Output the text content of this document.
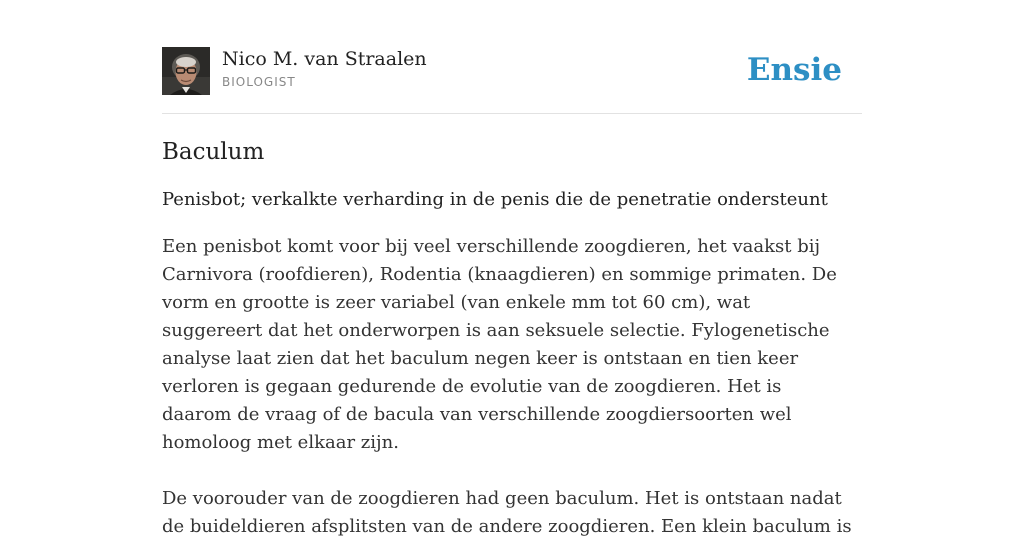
Nico M. van Straalen
BIOLOGIST	Ensie
Baculum

Penisbot; verkalkte verharding in de penis die de penetratie ondersteunt

Een penisbot komt voor bij veel verschillende zoogdieren, het vaakst bij Carnivora (roofdieren), Rodentia (knaagdieren) en sommige primaten. De vorm en grootte is zeer variabel (van enkele mm tot 60 cm), wat suggereert dat het onderworpen is aan seksuele selectie. Fylogenetische analyse laat zien dat het baculum negen keer is ontstaan en tien keer verloren is gegaan gedurende de evolutie van de zoogdieren. Het is daarom de vraag of de bacula van verschillende zoogdiersoorten wel homoloog met elkaar zijn.
De voorouder van de zoogdieren had geen baculum. Het is ontstaan nadat de buideldieren afsplitsten van de andere zoogdieren. Een klein baculum is
